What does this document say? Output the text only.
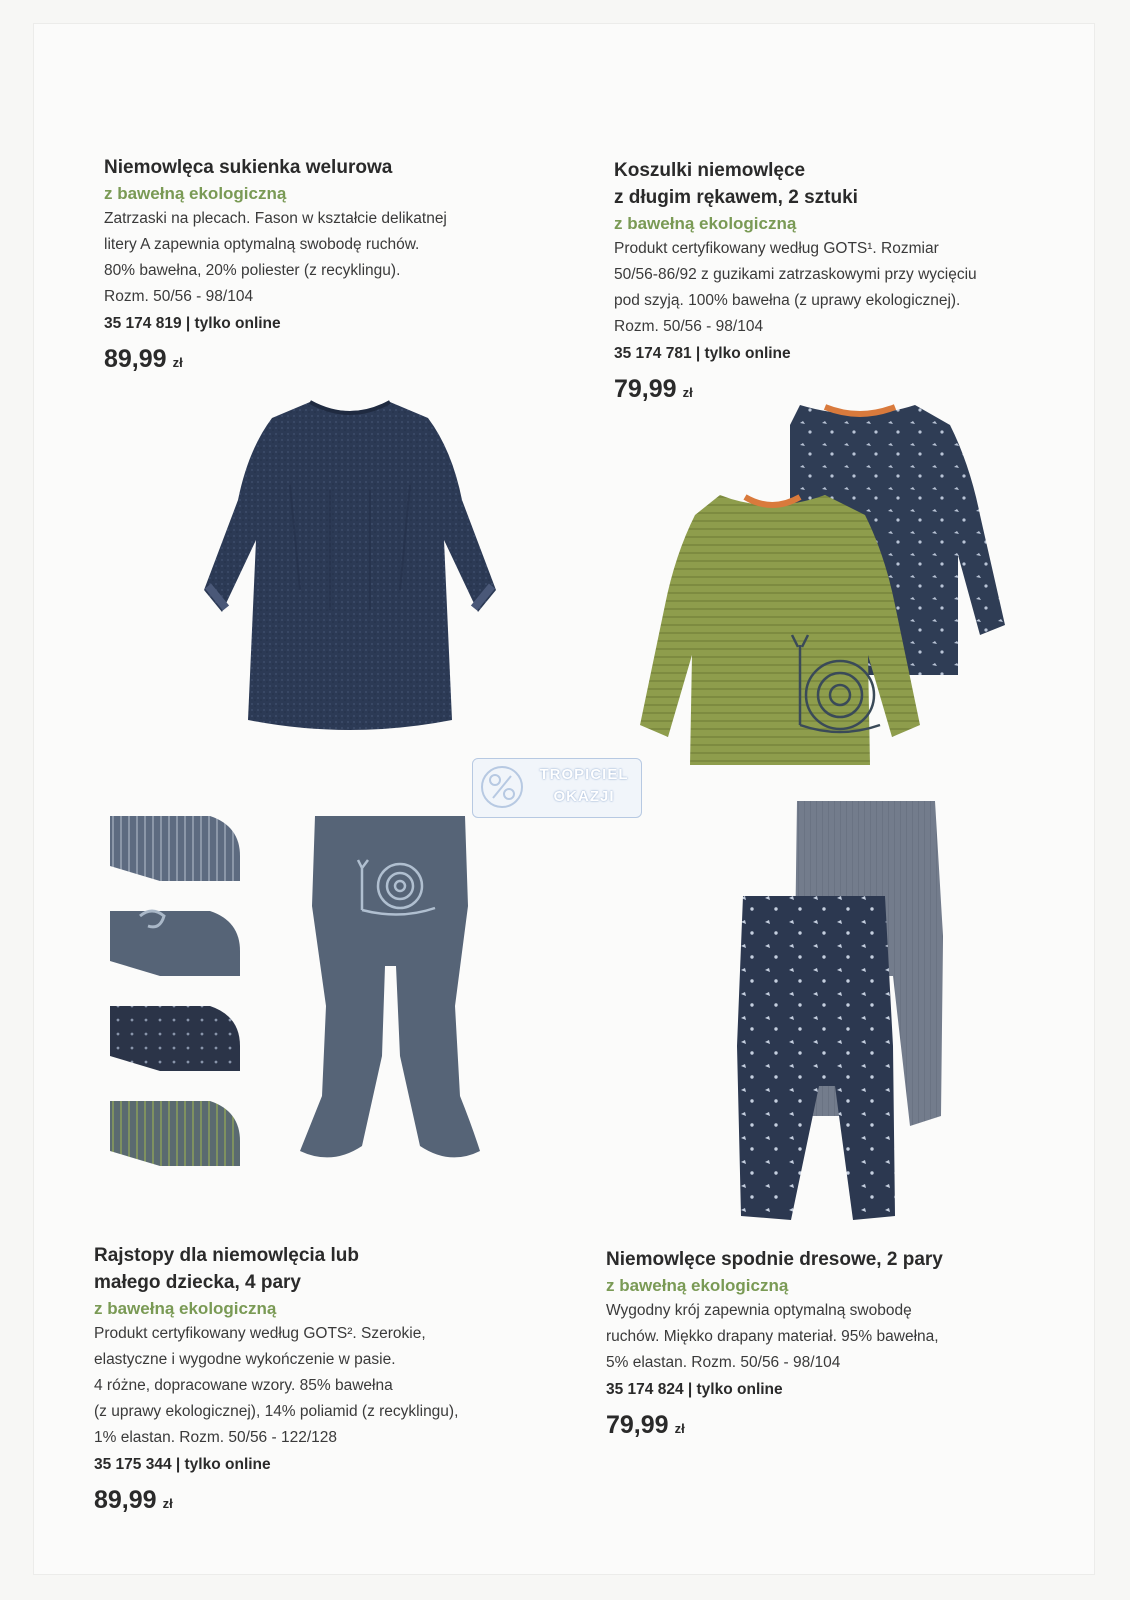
Niemowlęca sukienka welurowa
z bawełną ekologiczną
Zatrzaski na plecach. Fason w kształcie delikatnej
litery A zapewnia optymalną swobodę ruchów.
80% bawełna, 20% poliester (z recyklingu).
Rozm. 50/56 - 98/104
35 174 819 | tylko online
89,99 zł
Koszulki niemowlęce
z długim rękawem, 2 sztuki
z bawełną ekologiczną
Produkt certyfikowany według GOTS¹. Rozmiar
50/56-86/92 z guzikami zatrzaskowymi przy wycięciu
pod szyją. 100% bawełna (z uprawy ekologicznej).
Rozm. 50/56 - 98/104
35 174 781 | tylko online
79,99 zł
Rajstopy dla niemowlęcia lub
małego dziecka, 4 pary
z bawełną ekologiczną
Produkt certyfikowany według GOTS². Szerokie,
elastyczne i wygodne wykończenie w pasie.
4 różne, dopracowane wzory. 85% bawełna
(z uprawy ekologicznej), 14% poliamid (z recyklingu),
1% elastan. Rozm. 50/56 - 122/128
35 175 344 | tylko online
89,99 zł
Niemowlęce spodnie dresowe, 2 pary
z bawełną ekologiczną
Wygodny krój zapewnia optymalną swobodę
ruchów. Miękko drapany materiał. 95% bawełna,
5% elastan. Rozm. 50/56 - 98/104
35 174 824 | tylko online
79,99 zł
TROPICIEL
OKAZJI
